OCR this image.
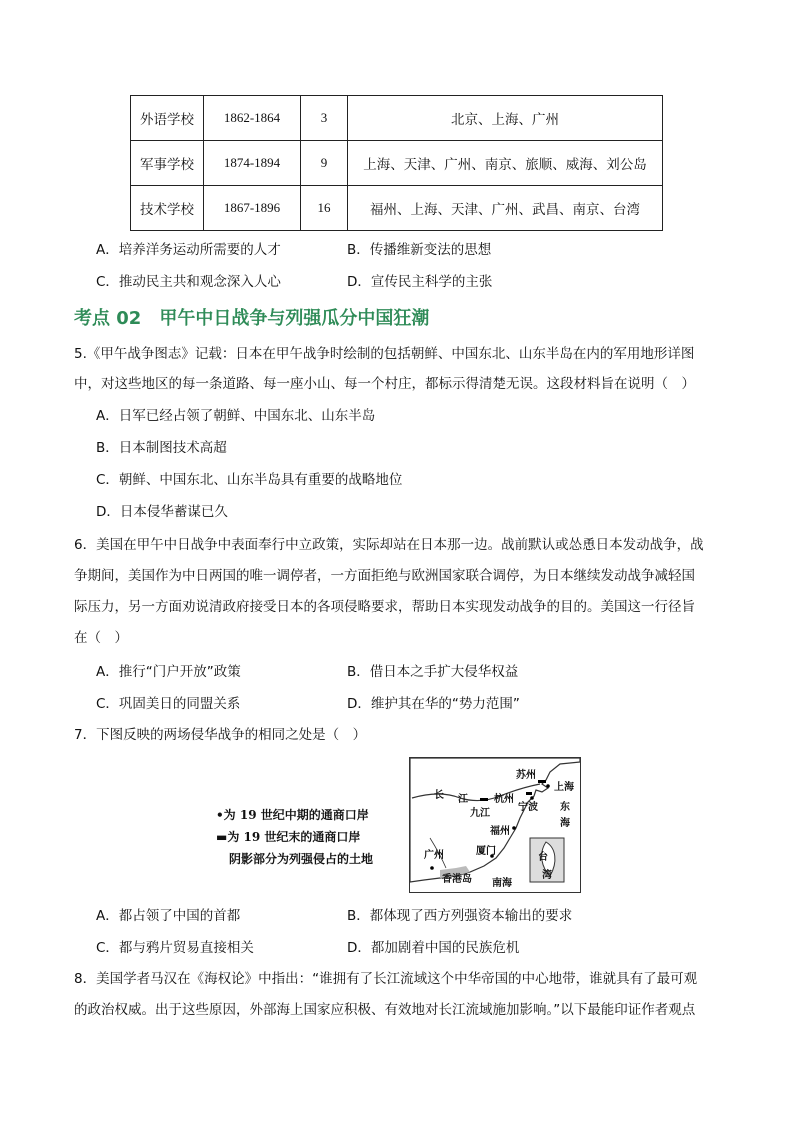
外语学校	1862-1864	3	北京、上海、广州
军事学校	1874-1894	9	上海、天津、广州、南京、旅顺、威海、刘公岛
技术学校	1867-1896	16	福州、上海、天津、广州、武昌、南京、台湾
A．培养洋务运动所需要的人才	B．传播维新变法的思想
C．推动民主共和观念深入人心	D．宣传民主科学的主张
考点 02　甲午中日战争与列强瓜分中国狂潮
5.《甲午战争图志》记载：日本在甲午战争时绘制的包括朝鲜、中国东北、山东半岛在内的军用地形详图
中，对这些地区的每一条道路、每一座小山、每一个村庄，都标示得清楚无误。这段材料旨在说明（　）
A．日军已经占领了朝鲜、中国东北、山东半岛
B．日本制图技术高超
C．朝鲜、中国东北、山东半岛具有重要的战略地位
D．日本侵华蓄谋已久
6．美国在甲午中日战争中表面奉行中立政策，实际却站在日本那一边。战前默认或怂恿日本发动战争，战
争期间，美国作为中日两国的唯一调停者，一方面拒绝与欧洲国家联合调停，为日本继续发动战争减轻国
际压力，另一方面劝说清政府接受日本的各项侵略要求，帮助日本实现发动战争的目的。美国这一行径旨
在（　）
A．推行“门户开放”政策	B．借日本之手扩大侵华权益
C．巩固美日的同盟关系	D．维护其在华的“势力范围”
7．下图反映的两场侵华战争的相同之处是（　）
•为 19 世纪中期的通商口岸
▬为 19 世纪末的通商口岸
阴影部分为列强侵占的土地
苏州
上海
长 江	杭州
宁波
九江
东
海
福州
广州	厦门
台
湾
香港岛 南海
A．都占领了中国的首都	B．都体现了西方列强资本输出的要求
C．都与鸦片贸易直接相关	D．都加剧着中国的民族危机
8．美国学者马汉在《海权论》中指出：“谁拥有了长江流域这个中华帝国的中心地带，谁就具有了最可观
的政治权威。出于这些原因，外部海上国家应积极、有效地对长江流域施加影响。”以下最能印证作者观点
